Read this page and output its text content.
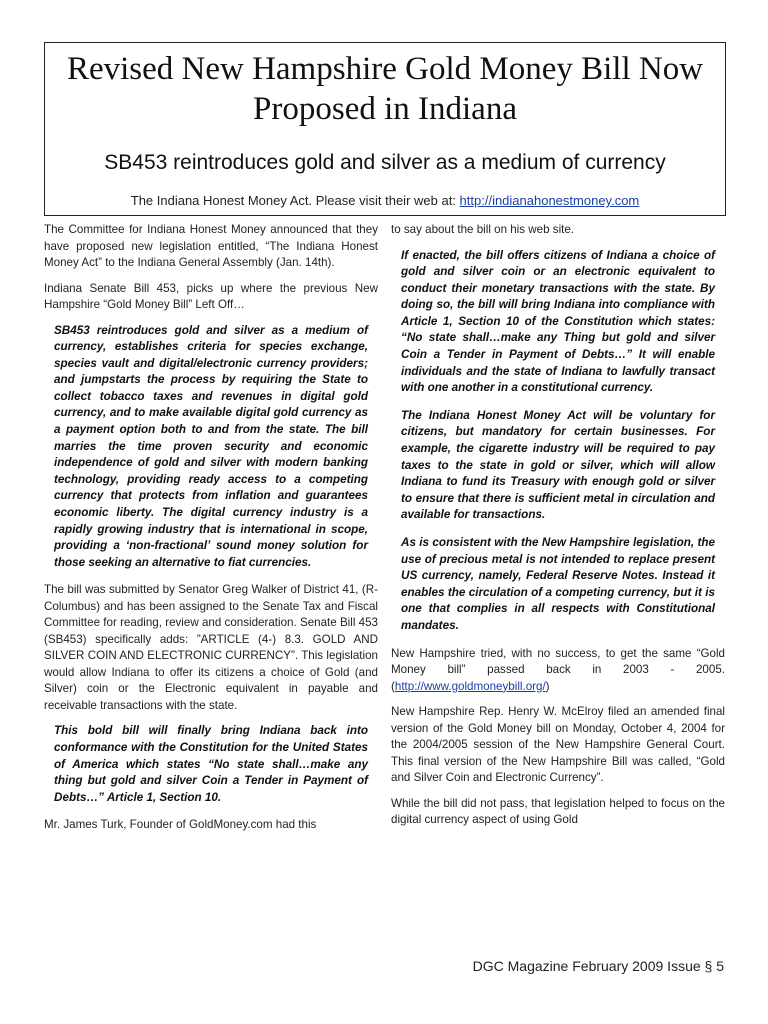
Revised New Hampshire Gold Money Bill Now Proposed in Indiana
SB453 reintroduces gold and silver as a medium of currency
The Indiana Honest Money Act. Please visit their web at: http://indianahonestmoney.com

The Committee for Indiana Honest Money announced that they have proposed new legislation entitled, “The Indiana Honest Money Act” to the Indiana General Assembly (Jan. 14th).

Indiana Senate Bill 453, picks up where the previous New Hampshire “Gold Money Bill” Left Off…

SB453 reintroduces gold and silver as a medium of currency, establishes criteria for species exchange, species vault and digital/electronic currency providers; and jumpstarts the process by requiring the State to collect tobacco taxes and revenues in digital gold currency, and to make available digital gold currency as a payment option both to and from the state. The bill marries the time proven security and economic independence of gold and silver with modern banking technology, providing ready access to a competing currency that protects from inflation and guarantees economic liberty. The digital currency industry is a rapidly growing industry that is international in scope, providing a ‘non-fractional’ sound money solution for those seeking an alternative to fiat currencies.

The bill was submitted by Senator Greg Walker of District 41, (R-Columbus) and has been assigned to the Senate Tax and Fiscal Committee for reading, review and consideration. Senate Bill 453 (SB453) specifically adds: ”ARTICLE (4-) 8.3. GOLD AND SILVER COIN AND ELECTRONIC CURRENCY”. This legislation would allow Indiana to offer its citizens a choice of Gold (and Silver) coin or the Electronic equivalent in payable and receivable transactions with the state.

This bold bill will finally bring Indiana back into conformance with the Constitution for the United States of America which states “No state shall…make any thing but gold and silver Coin a Tender in Payment of Debts…” Article 1, Section 10.

Mr. James Turk, Founder of GoldMoney.com had this

to say about the bill on his web site.

If enacted, the bill offers citizens of Indiana a choice of gold and silver coin or an electronic equivalent to conduct their monetary transactions with the state. By doing so, the bill will bring Indiana into compliance with Article 1, Section 10 of the Constitution which states: “No state shall…make any Thing but gold and silver Coin a Tender in Payment of Debts…” It will enable individuals and the state of Indiana to lawfully transact with one another in a constitutional currency.

The Indiana Honest Money Act will be voluntary for citizens, but mandatory for certain businesses. For example, the cigarette industry will be required to pay taxes to the state in gold or silver, which will allow Indiana to fund its Treasury with enough gold or silver to ensure that there is sufficient metal in circulation and available for transactions.

As is consistent with the New Hampshire legislation, the use of precious metal is not intended to replace present US currency, namely, Federal Reserve Notes. Instead it enables the circulation of a competing currency, but it is one that complies in all respects with Constitutional mandates.

New Hampshire tried, with no success, to get the same “Gold Money bill” passed back in 2003 - 2005. (http://www.goldmoneybill.org/)

New Hampshire Rep. Henry W. McElroy filed an amended final version of the Gold Money bill on Monday, October 4, 2004 for the 2004/2005 session of the New Hampshire General Court. This final version of the New Hampshire Bill was called, “Gold and Silver Coin and Electronic Currency”.

While the bill did not pass, that legislation helped to focus on the digital currency aspect of using Gold

DGC Magazine February 2009 Issue § 5
